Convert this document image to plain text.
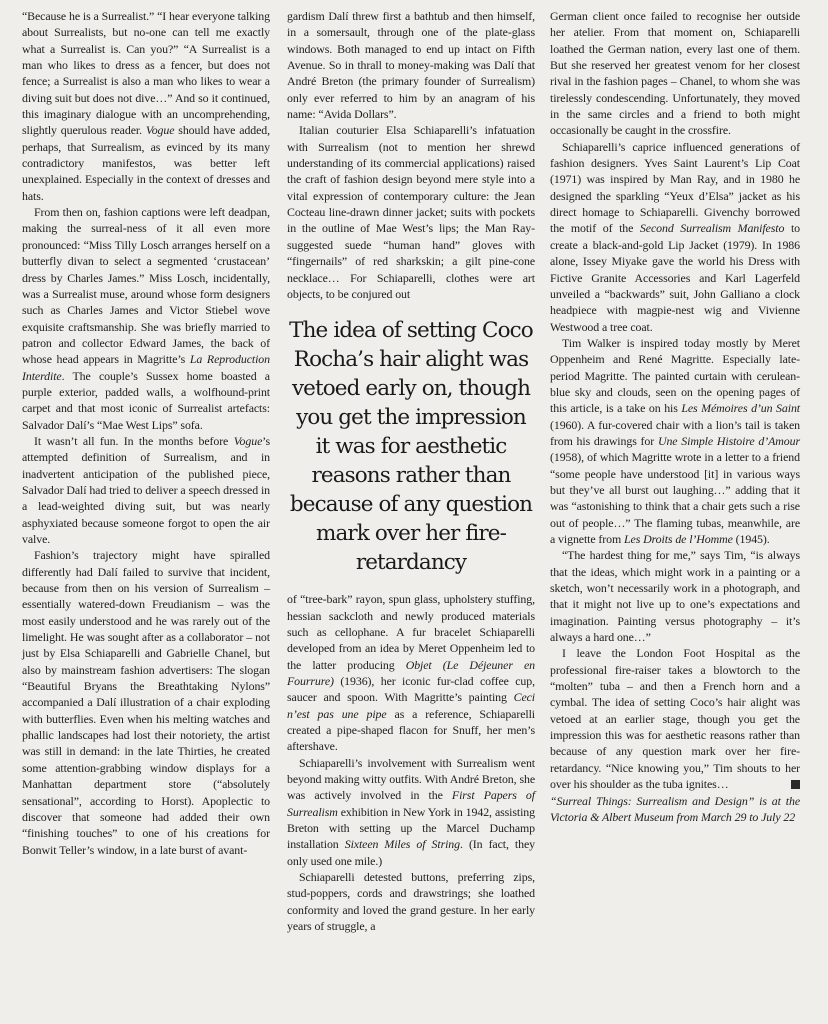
“Because he is a Surrealist.” “I hear everyone talking about Surrealists, but no-one can tell me exactly what a Surrealist is. Can you?” “A Surrealist is a man who likes to dress as a fencer, but does not fence; a Surrealist is also a man who likes to wear a diving suit but does not dive…” And so it continued, this imaginary dialogue with an uncomprehending, slightly querulous reader. Vogue should have added, perhaps, that Surrealism, as evinced by its many contradictory manifestos, was better left unexplained. Especially in the context of dresses and hats.

From then on, fashion captions were left deadpan, making the surreal-ness of it all even more pronounced: “Miss Tilly Losch arranges herself on a butterfly divan to select a segmented ‘crustacean’ dress by Charles James.” Miss Losch, incidentally, was a Surrealist muse, around whose form designers such as Charles James and Victor Stiebel wove exquisite craftsmanship. She was briefly married to patron and collector Edward James, the back of whose head appears in Magritte’s La Reproduction Interdite. The couple’s Sussex home boasted a purple exterior, padded walls, a wolfhound-print carpet and that most iconic of Surrealist artefacts: Salvador Dalí’s “Mae West Lips” sofa.

It wasn’t all fun. In the months before Vogue’s attempted definition of Surrealism, and in inadvertent anticipation of the published piece, Salvador Dalí had tried to deliver a speech dressed in a lead-weighted diving suit, but was nearly asphyxiated because someone forgot to open the air valve.

Fashion’s trajectory might have spiralled differently had Dalí failed to survive that incident, because from then on his version of Surrealism – essentially watered-down Freudianism – was the most easily understood and he was rarely out of the limelight. He was sought after as a collaborator – not just by Elsa Schiaparelli and Gabrielle Chanel, but also by mainstream fashion advertisers: The slogan “Beautiful Bryans the Breathtaking Nylons” accompanied a Dalí illustration of a chair exploding with butterflies. Even when his melting watches and phallic landscapes had lost their notoriety, the artist was still in demand: in the late Thirties, he created some attention-grabbing window displays for a Manhattan department store (“absolutely sensational”, according to Horst). Apoplectic to discover that someone had added their own “finishing touches” to one of his creations for Bonwit Teller’s window, in a late burst of avant-

gardism Dalí threw first a bathtub and then himself, in a somersault, through one of the plate-glass windows. Both managed to end up intact on Fifth Avenue. So in thrall to money-making was Dalí that André Breton (the primary founder of Surrealism) only ever referred to him by an anagram of his name: “Avida Dollars”.

Italian couturier Elsa Schiaparelli’s infatuation with Surrealism (not to mention her shrewd understanding of its commercial applications) raised the craft of fashion design beyond mere style into a vital expression of contemporary culture: the Jean Cocteau line-drawn dinner jacket; suits with pockets in the outline of Mae West’s lips; the Man Ray-suggested suede “human hand” gloves with “fingernails” of red sharkskin; a gilt pine-cone necklace… For Schiaparelli, clothes were art objects, to be conjured out

The idea of setting Coco Rocha’s hair alight was vetoed early on, though you get the impression it was for aesthetic reasons rather than because of any question mark over her fire-retardancy

of “tree-bark” rayon, spun glass, upholstery stuffing, hessian sackcloth and newly produced materials such as cellophane. A fur bracelet Schiaparelli developed from an idea by Meret Oppenheim led to the latter producing Objet (Le Déjeuner en Fourrure) (1936), her iconic fur-clad coffee cup, saucer and spoon. With Magritte’s painting Ceci n’est pas une pipe as a reference, Schiaparelli created a pipe-shaped flacon for Snuff, her men’s aftershave.

Schiaparelli’s involvement with Surrealism went beyond making witty outfits. With André Breton, she was actively involved in the First Papers of Surrealism exhibition in New York in 1942, assisting Breton with setting up the Marcel Duchamp installation Sixteen Miles of String. (In fact, they only used one mile.)

Schiaparelli detested buttons, preferring zips, stud-poppers, cords and drawstrings; she loathed conformity and loved the grand gesture. In her early years of struggle, a

German client once failed to recognise her outside her atelier. From that moment on, Schiaparelli loathed the German nation, every last one of them. But she reserved her greatest venom for her closest rival in the fashion pages – Chanel, to whom she was tirelessly condescending. Unfortunately, they moved in the same circles and a friend to both might occasionally be caught in the crossfire.

Schiaparelli’s caprice influenced generations of fashion designers. Yves Saint Laurent’s Lip Coat (1971) was inspired by Man Ray, and in 1980 he designed the sparkling “Yeux d’Elsa” jacket as his direct homage to Schiaparelli. Givenchy borrowed the motif of the Second Surrealism Manifesto to create a black-and-gold Lip Jacket (1979). In 1986 alone, Issey Miyake gave the world his Dress with Fictive Granite Accessories and Karl Lagerfeld unveiled a “backwards” suit, John Galliano a clock headpiece with magpie-nest wig and Vivienne Westwood a tree coat.

Tim Walker is inspired today mostly by Meret Oppenheim and René Magritte. Especially late-period Magritte. The painted curtain with cerulean-blue sky and clouds, seen on the opening pages of this article, is a take on his Les Mémoires d’un Saint (1960). A fur-covered chair with a lion’s tail is taken from his drawings for Une Simple Histoire d’Amour (1958), of which Magritte wrote in a letter to a friend “some people have understood [it] in various ways but they’ve all burst out laughing…” adding that it was “astonishing to think that a chair gets such a rise out of people…” The flaming tubas, meanwhile, are a vignette from Les Droits de l’Homme (1945).

“The hardest thing for me,” says Tim, “is always that the ideas, which might work in a painting or a sketch, won’t necessarily work in a photograph, and that it might not live up to one’s expectations and imagination. Painting versus photography – it’s always a hard one…”

I leave the London Foot Hospital as the professional fire-raiser takes a blowtorch to the “molten” tuba – and then a French horn and a cymbal. The idea of setting Coco’s hair alight was vetoed at an earlier stage, though you get the impression this was for aesthetic reasons rather than because of any question mark over her fire-retardancy. “Nice knowing you,” Tim shouts to her over his shoulder as the tuba ignites…

“Surreal Things: Surrealism and Design” is at the Victoria & Albert Museum from March 29 to July 22
